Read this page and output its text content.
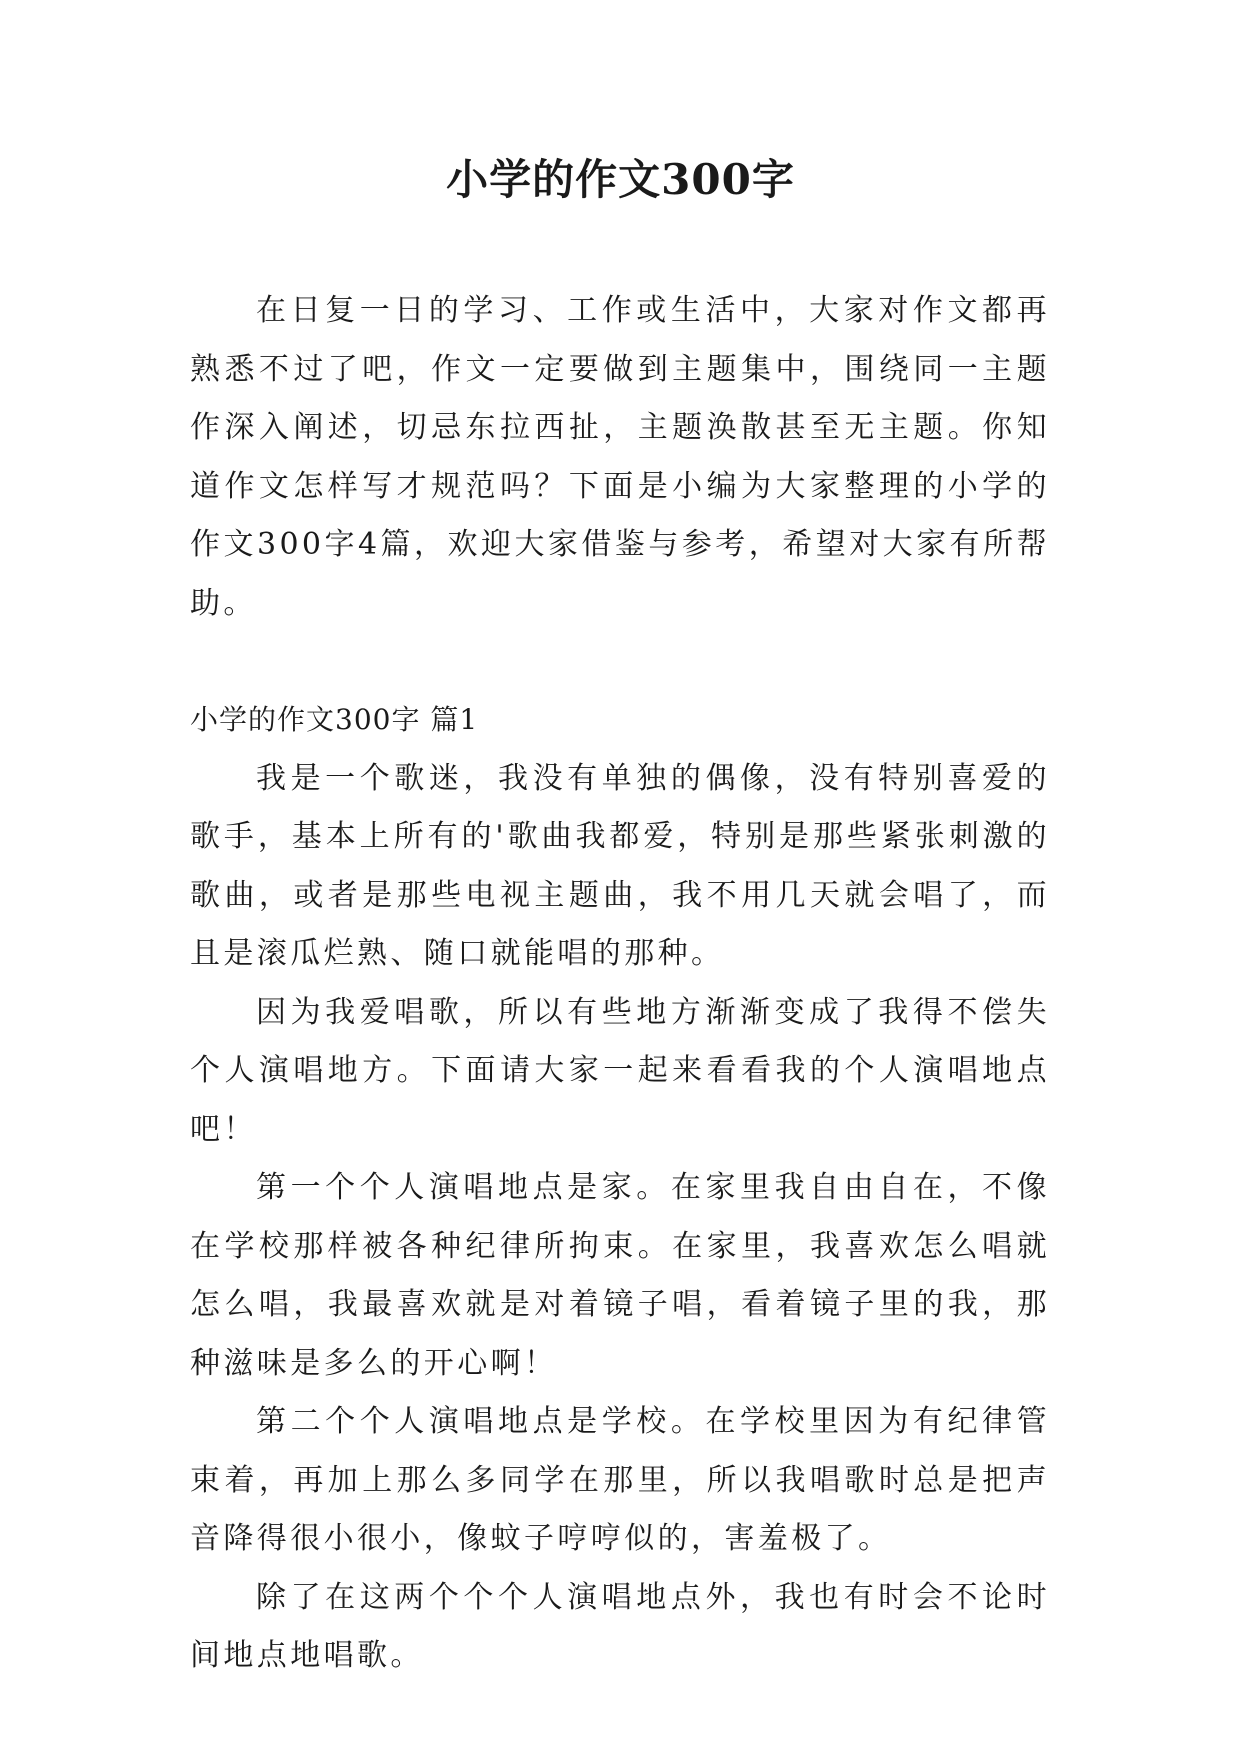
小学的作文300字

在日复一日的学习、工作或生活中，大家对作文都再熟悉不过了吧，作文一定要做到主题集中，围绕同一主题作深入阐述，切忌东拉西扯，主题涣散甚至无主题。你知道作文怎样写才规范吗？下面是小编为大家整理的小学的作文300字4篇，欢迎大家借鉴与参考，希望对大家有所帮助。

小学的作文300字 篇1

我是一个歌迷，我没有单独的偶像，没有特别喜爱的歌手，基本上所有的'歌曲我都爱，特别是那些紧张刺激的歌曲，或者是那些电视主题曲，我不用几天就会唱了，而且是滚瓜烂熟、随口就能唱的那种。

因为我爱唱歌，所以有些地方渐渐变成了我得不偿失个人演唱地方。下面请大家一起来看看我的个人演唱地点吧！

第一个个人演唱地点是家。在家里我自由自在，不像在学校那样被各种纪律所拘束。在家里，我喜欢怎么唱就怎么唱，我最喜欢就是对着镜子唱，看着镜子里的我，那种滋味是多么的开心啊！

第二个个人演唱地点是学校。在学校里因为有纪律管束着，再加上那么多同学在那里，所以我唱歌时总是把声音降得很小很小，像蚊子哼哼似的，害羞极了。

除了在这两个个个人演唱地点外，我也有时会不论时间地点地唱歌。
